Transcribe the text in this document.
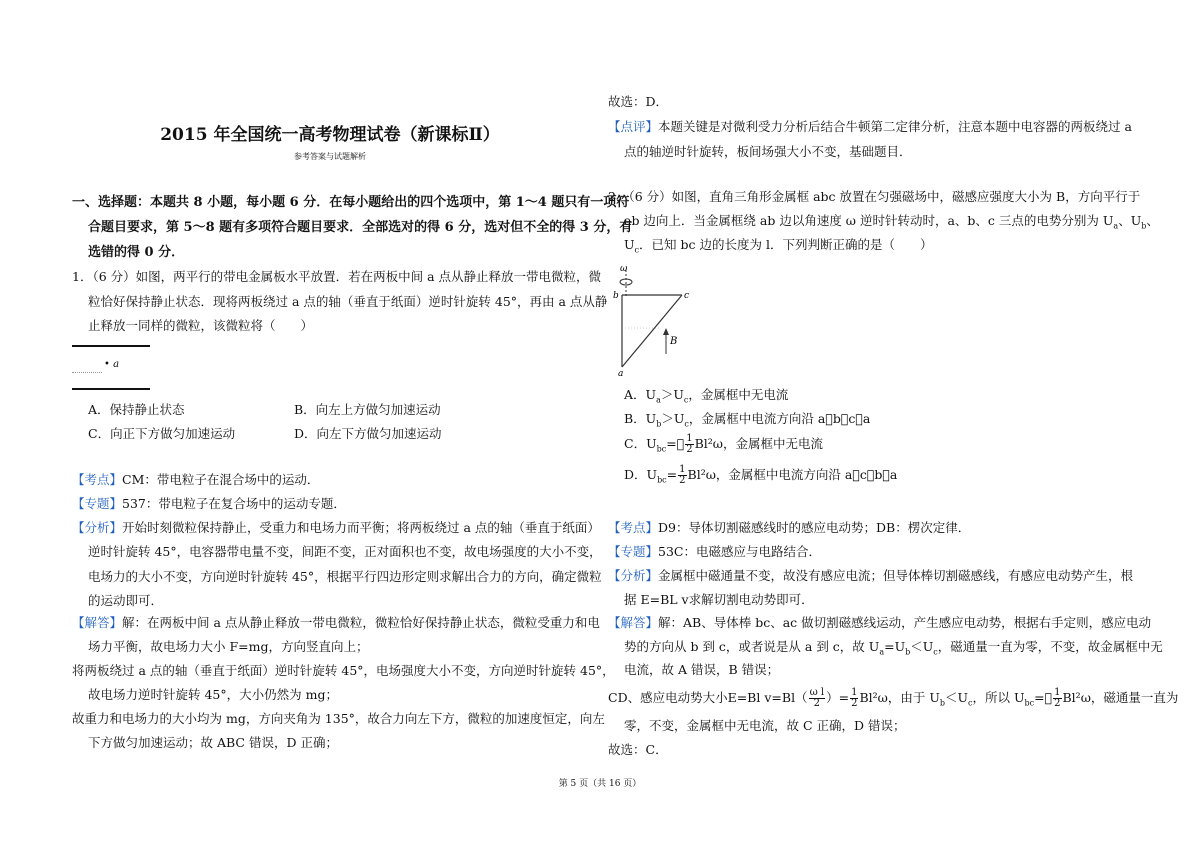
2015 年全国统一高考物理试卷（新课标Ⅱ）
参考答案与试题解析
一、选择题：本题共 8 小题，每小题 6 分．在每小题给出的四个选项中，第 1～4 题只有一项符
合题目要求，第 5～8 题有多项符合题目要求．全部选对的得 6 分，选对但不全的得 3 分，有
选错的得 0 分．
1．（6 分）如图，两平行的带电金属板水平放置．若在两板中间 a 点从静止释放一带电微粒，微
粒恰好保持静止状态．现将两板绕过 a 点的轴（垂直于纸面）逆时针旋转 45°，再由 a 点从静
止释放一同样的微粒，该微粒将（　　）
• a
A．保持静止状态	B．向左上方做匀加速运动
C．向正下方做匀加速运动	D．向左下方做匀加速运动
【考点】CM：带电粒子在混合场中的运动．
【专题】537：带电粒子在复合场中的运动专题．
【分析】开始时刻微粒保持静止，受重力和电场力而平衡；将两板绕过 a 点的轴（垂直于纸面）
逆时针旋转 45°，电容器带电量不变，间距不变，正对面积也不变，故电场强度的大小不变，
电场力的大小不变，方向逆时针旋转 45°，根据平行四边形定则求解出合力的方向，确定微粒
的运动即可．
【解答】解：在两板中间 a 点从静止释放一带电微粒，微粒恰好保持静止状态，微粒受重力和电
场力平衡，故电场力大小 F=mg，方向竖直向上；
将两板绕过 a 点的轴（垂直于纸面）逆时针旋转 45°，电场强度大小不变，方向逆时针旋转 45°，
故电场力逆时针旋转 45°，大小仍然为 mg；
故重力和电场力的大小均为 mg，方向夹角为 135°，故合力向左下方，微粒的加速度恒定，向左
下方做匀加速运动；故 ABC 错误，D 正确；
故选：D．
【点评】本题关键是对微利受力分析后结合牛顿第二定律分析，注意本题中电容器的两板绕过 a
点的轴逆时针旋转，板间场强大小不变，基础题目．
2．（6 分）如图，直角三角形金属框 abc 放置在匀强磁场中，磁感应强度大小为 B，方向平行于
ab 边向上．当金属框绕 ab 边以角速度 ω 逆时针转动时，a、b、c 三点的电势分别为 $U_a$、$U_b$、
$U_c$．已知 bc 边的长度为 l．下列判断正确的是（　　）
ω
b	c
a
B
A．$U_a>U_c$，金属框中无电流
B．$U_b>U_c$，金属框中电流方向沿 a⃞b⃞c⃞a
C．$U_{bc}=⃞ \frac{1}{2} Bl^2\omega$，金属框中无电流
D．$U_{bc}= \frac{1}{2} Bl^2\omega$，金属框中电流方向沿 a⃞c⃞b⃞a
【考点】D9：导体切割磁感线时的感应电动势；DB：楞次定律．
【专题】53C：电磁感应与电路结合．
【分析】金属框中磁通量不变，故没有感应电流；但导体棒切割磁感线，有感应电动势产生，根
据 E=BL v求解切割电动势即可．
【解答】解：AB、导体棒 bc、ac 做切割磁感线运动，产生感应电动势，根据右手定则，感应电动
势的方向从 b 到 c，或者说是从 a 到 c，故 $U_a=U_b<U_c$，磁通量一直为零，不变，故金属框中无
电流，故 A 错误，B 错误；
CD、感应电动势大小E=Bl $v=Bl( \frac{\text{ω l}}{2}$ ）= $\frac{1}{2} Bl^2\omega$，由于 $U_b<U_c$，所以 $U_{bc}=⃞ \frac{1}{2} Bl^2\omega$，磁通量一直为
零，不变，金属框中无电流，故 C 正确，D 错误；
故选：C．
第 5 页（共 16 页）
